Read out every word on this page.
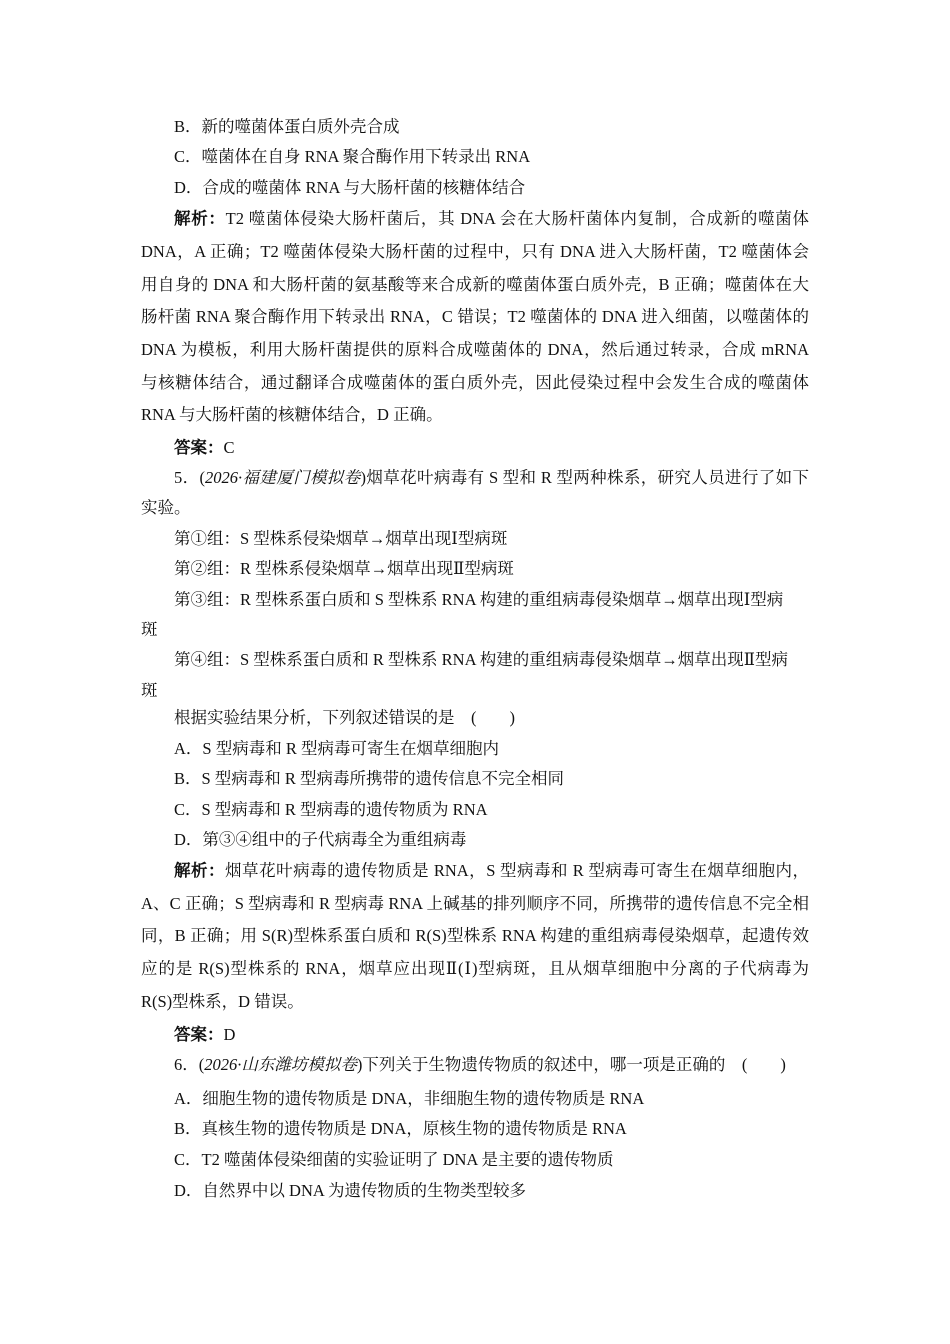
B．新的噬菌体蛋白质外壳合成
C．噬菌体在自身 RNA 聚合酶作用下转录出 RNA
D．合成的噬菌体 RNA 与大肠杆菌的核糖体结合
解析：T2 噬菌体侵染大肠杆菌后，其 DNA 会在大肠杆菌体内复制，合成新的噬菌体
DNA，A 正确；T2 噬菌体侵染大肠杆菌的过程中，只有 DNA 进入大肠杆菌，T2 噬菌体会
用自身的 DNA 和大肠杆菌的氨基酸等来合成新的噬菌体蛋白质外壳，B 正确；噬菌体在大
肠杆菌 RNA 聚合酶作用下转录出 RNA，C 错误；T2 噬菌体的 DNA 进入细菌，以噬菌体的
DNA 为模板，利用大肠杆菌提供的原料合成噬菌体的 DNA，然后通过转录，合成 mRNA
与核糖体结合，通过翻译合成噬菌体的蛋白质外壳，因此侵染过程中会发生合成的噬菌体
RNA 与大肠杆菌的核糖体结合，D 正确。
答案：C
5．(2026·福建厦门模拟卷)烟草花叶病毒有 S 型和 R 型两种株系，研究人员进行了如下
实验。
第①组：S 型株系侵染烟草→烟草出现Ⅰ型病斑
第②组：R 型株系侵染烟草→烟草出现Ⅱ型病斑
第③组：R 型株系蛋白质和 S 型株系 RNA 构建的重组病毒侵染烟草→烟草出现Ⅰ型病
斑
第④组：S 型株系蛋白质和 R 型株系 RNA 构建的重组病毒侵染烟草→烟草出现Ⅱ型病
斑
根据实验结果分析，下列叙述错误的是　(　　)
A．S 型病毒和 R 型病毒可寄生在烟草细胞内
B．S 型病毒和 R 型病毒所携带的遗传信息不完全相同
C．S 型病毒和 R 型病毒的遗传物质为 RNA
D．第③④组中的子代病毒全为重组病毒
解析：烟草花叶病毒的遗传物质是 RNA，S 型病毒和 R 型病毒可寄生在烟草细胞内，
A、C 正确；S 型病毒和 R 型病毒 RNA 上碱基的排列顺序不同，所携带的遗传信息不完全相
同，B 正确；用 S(R)型株系蛋白质和 R(S)型株系 RNA 构建的重组病毒侵染烟草，起遗传效
应的是 R(S)型株系的 RNA，烟草应出现Ⅱ(Ⅰ)型病斑，且从烟草细胞中分离的子代病毒为
R(S)型株系，D 错误。
答案：D
6．(2026·山东潍坊模拟卷)下列关于生物遗传物质的叙述中，哪一项是正确的　(　　)
A．细胞生物的遗传物质是 DNA，非细胞生物的遗传物质是 RNA
B．真核生物的遗传物质是 DNA，原核生物的遗传物质是 RNA
C．T2 噬菌体侵染细菌的实验证明了 DNA 是主要的遗传物质
D．自然界中以 DNA 为遗传物质的生物类型较多
